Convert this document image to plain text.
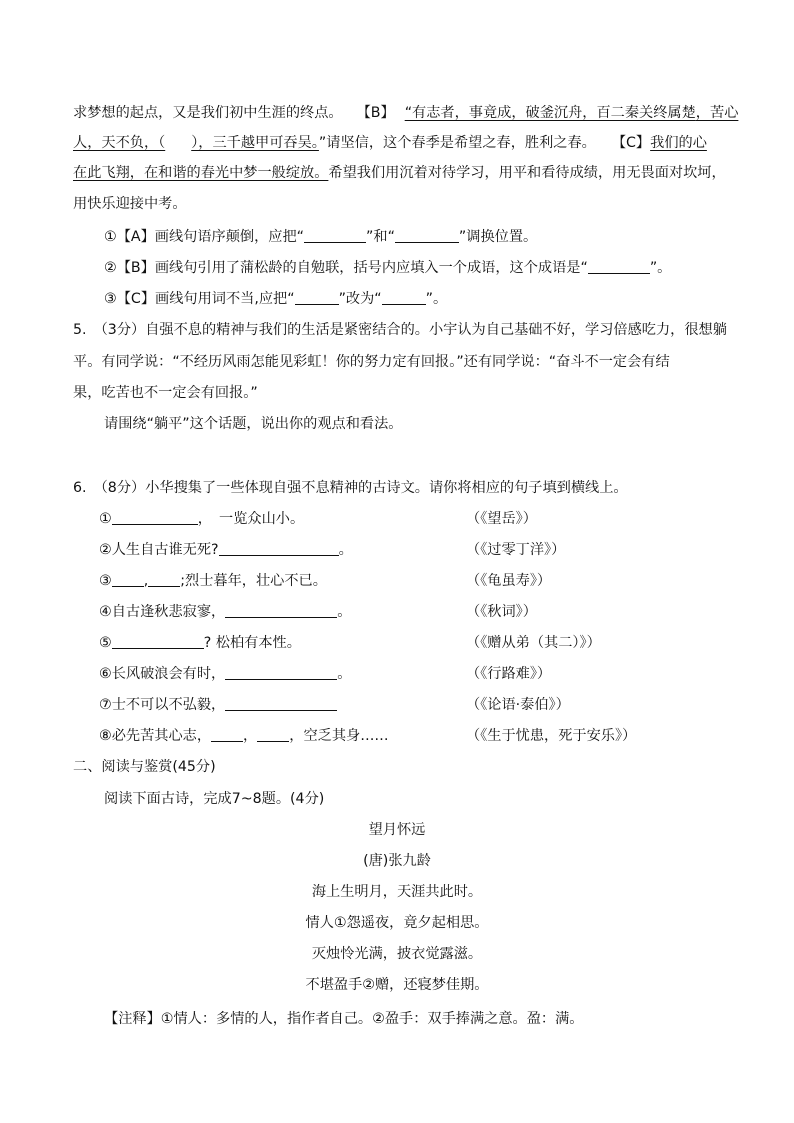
求梦想的起点，又是我们初中生涯的终点。 【B】 “有志者，事竟成，破釜沉舟，百二秦关终属楚，苦心
人，天不负，（ ），三千越甲可吞吴。”请坚信，这个春季是希望之春，胜利之春。 【C】我们的心
在此飞翔，在和谐的春光中梦一般绽放。希望我们用沉着对待学习，用平和看待成绩，用无畏面对坎坷，
用快乐迎接中考。
①【A】画线句语序颠倒，应把“	”和“	”调换位置。
②【B】画线句引用了蒲松龄的自勉联，括号内应填入一个成语，这个成语是“	”。
③【C】画线句用词不当,应把“	”改为“	”。
5.　（3分）自强不息的精神与我们的生活是紧密结合的。小宇认为自己基础不好，学习倍感吃力，很想躺
平。有同学说：“不经历风雨怎能见彩虹！你的努力定有回报。”还有同学说：“奋斗不一定会有结
果，吃苦也不一定会有回报。”
请围绕“躺平”这个话题，说出你的观点和看法。
6.　（8分）小华搜集了一些体现自强不息精神的古诗文。请你将相应的句子填到横线上。
①	，　一览众山小。	（《望岳》）
②人生自古谁无死?	。	（《过零丁洋》）
③ , ;烈士暮年，壮心不已。	（《龟虽寿》）
④自古逢秋悲寂寥，	。	（《秋词》）
⑤	? 松柏有本性。	（《赠从弟（其二）》）
⑥长风破浪会有时，	。	（《行路难》）
⑦士不可以不弘毅，	（《论语·泰伯》）
⑧必先苦其心志， ， ，空乏其身……	（《生于忧患，死于安乐》）
二、阅读与鉴赏(45分)
阅读下面古诗，完成7~8题。(4分)
望月怀远
(唐)张九龄
海上生明月，天涯共此时。
情人①怨遥夜，竟夕起相思。
灭烛怜光满，披衣觉露滋。
不堪盈手②赠，还寝梦佳期。
【注释】①情人：多情的人，指作者自己。②盈手：双手捧满之意。盈：满。
